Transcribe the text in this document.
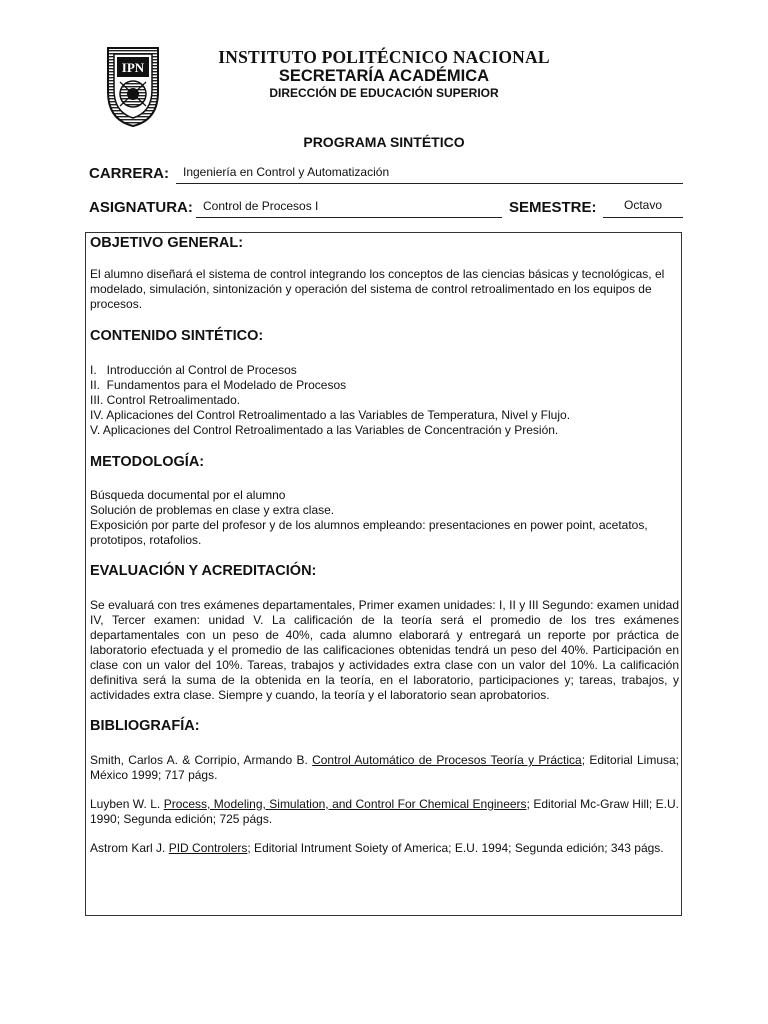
IPN
INSTITUTO POLITÉCNICO NACIONAL
SECRETARÍA ACADÉMICA
DIRECCIÓN DE EDUCACIÓN SUPERIOR
PROGRAMA SINTÉTICO
CARRERA: Ingeniería en Control y Automatización
ASIGNATURA: Control de Procesos I	SEMESTRE:	Octavo
OBJETIVO GENERAL:
El alumno diseñará el sistema de control integrando los conceptos de las ciencias básicas y tecnológicas, el modelado, simulación, sintonización y operación del sistema de control retroalimentado en los equipos de procesos.
CONTENIDO SINTÉTICO:
I.   Introducción al Control de Procesos
II.  Fundamentos para el Modelado de Procesos
III. Control Retroalimentado.
IV. Aplicaciones del Control Retroalimentado a las Variables de Temperatura, Nivel y Flujo.
V. Aplicaciones del Control Retroalimentado a las Variables de Concentración y Presión.
METODOLOGÍA:
Búsqueda documental por el alumno
Solución de problemas en clase y extra clase.
Exposición por parte del profesor y de los alumnos empleando: presentaciones en power point, acetatos, prototipos, rotafolios.
EVALUACIÓN Y ACREDITACIÓN:
Se evaluará con tres exámenes departamentales, Primer examen unidades: I, II y III Segundo: examen unidad IV, Tercer examen: unidad V. La calificación de la teoría será el promedio de los tres exámenes departamentales con un peso de 40%, cada alumno elaborará y entregará un reporte por práctica de laboratorio efectuada y el promedio de las calificaciones obtenidas tendrá un peso del 40%. Participación en clase con un valor del 10%. Tareas, trabajos y actividades extra clase con un valor del 10%. La calificación definitiva será la suma de la obtenida en la teoría, en el laboratorio, participaciones y; tareas, trabajos, y actividades extra clase. Siempre y cuando, la teoría y el laboratorio sean aprobatorios.
BIBLIOGRAFÍA:
Smith, Carlos A. & Corripio, Armando B. Control Automático de Procesos Teoría y Práctica; Editorial Limusa; México 1999; 717 págs.
Luyben W. L. Process, Modeling, Simulation, and Control For Chemical Engineers; Editorial Mc-Graw Hill; E.U. 1990; Segunda edición; 725 págs.
Astrom Karl J. PID Controlers; Editorial Intrument Soiety of America; E.U. 1994; Segunda edición; 343 págs.
